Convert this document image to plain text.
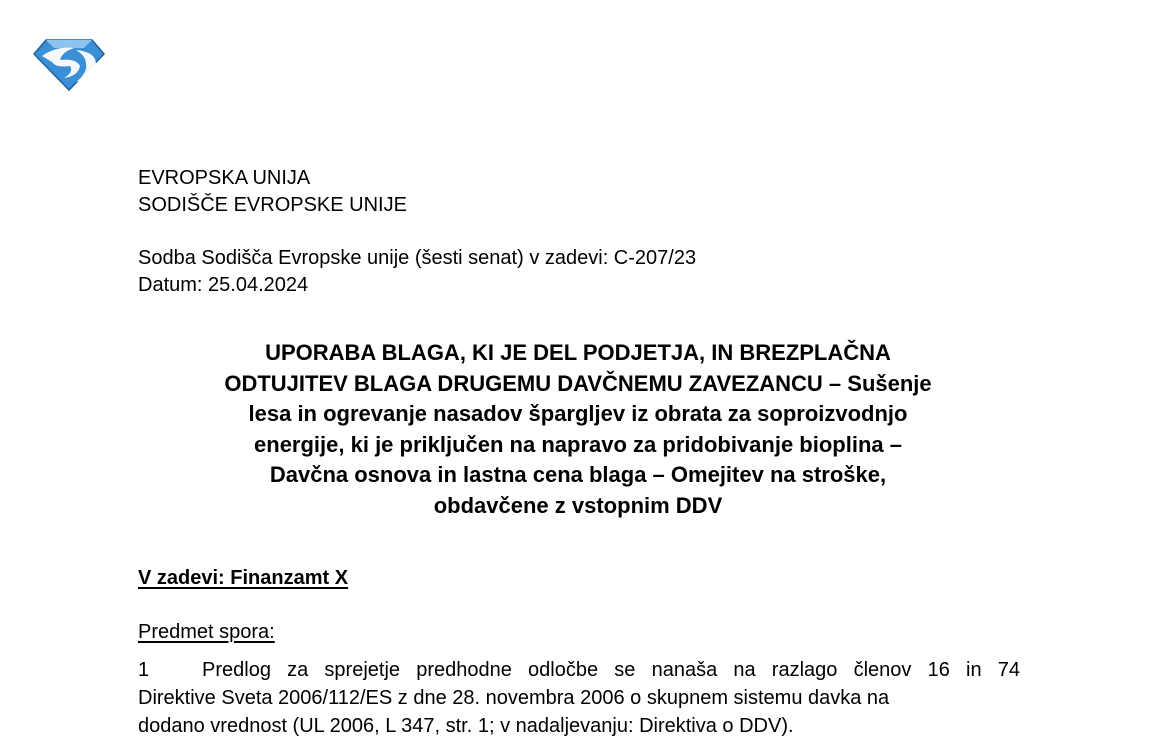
EVROPSKA UNIJA
SODIŠČE EVROPSKE UNIJE
Sodba Sodišča Evropske unije (šesti senat) v zadevi: C-207/23
Datum: 25.04.2024
UPORABA BLAGA, KI JE DEL PODJETJA, IN BREZPLAČNA
ODTUJITEV BLAGA DRUGEMU DAVČNEMU ZAVEZANCU – Sušenje
lesa in ogrevanje nasadov špargljev iz obrata za soproizvodnjo
energije, ki je priključen na napravo za pridobivanje bioplina –
Davčna osnova in lastna cena blaga – Omejitev na stroške,
obdavčene z vstopnim DDV
V zadevi: Finanzamt X
Predmet spora:
1	Predlog za sprejetje predhodne odločbe se nanaša na razlago členov 16 in 74
Direktive Sveta 2006/112/ES z dne 28. novembra 2006 o skupnem sistemu davka na
dodano vrednost (UL 2006, L 347, str. 1; v nadaljevanju: Direktiva o DDV).
